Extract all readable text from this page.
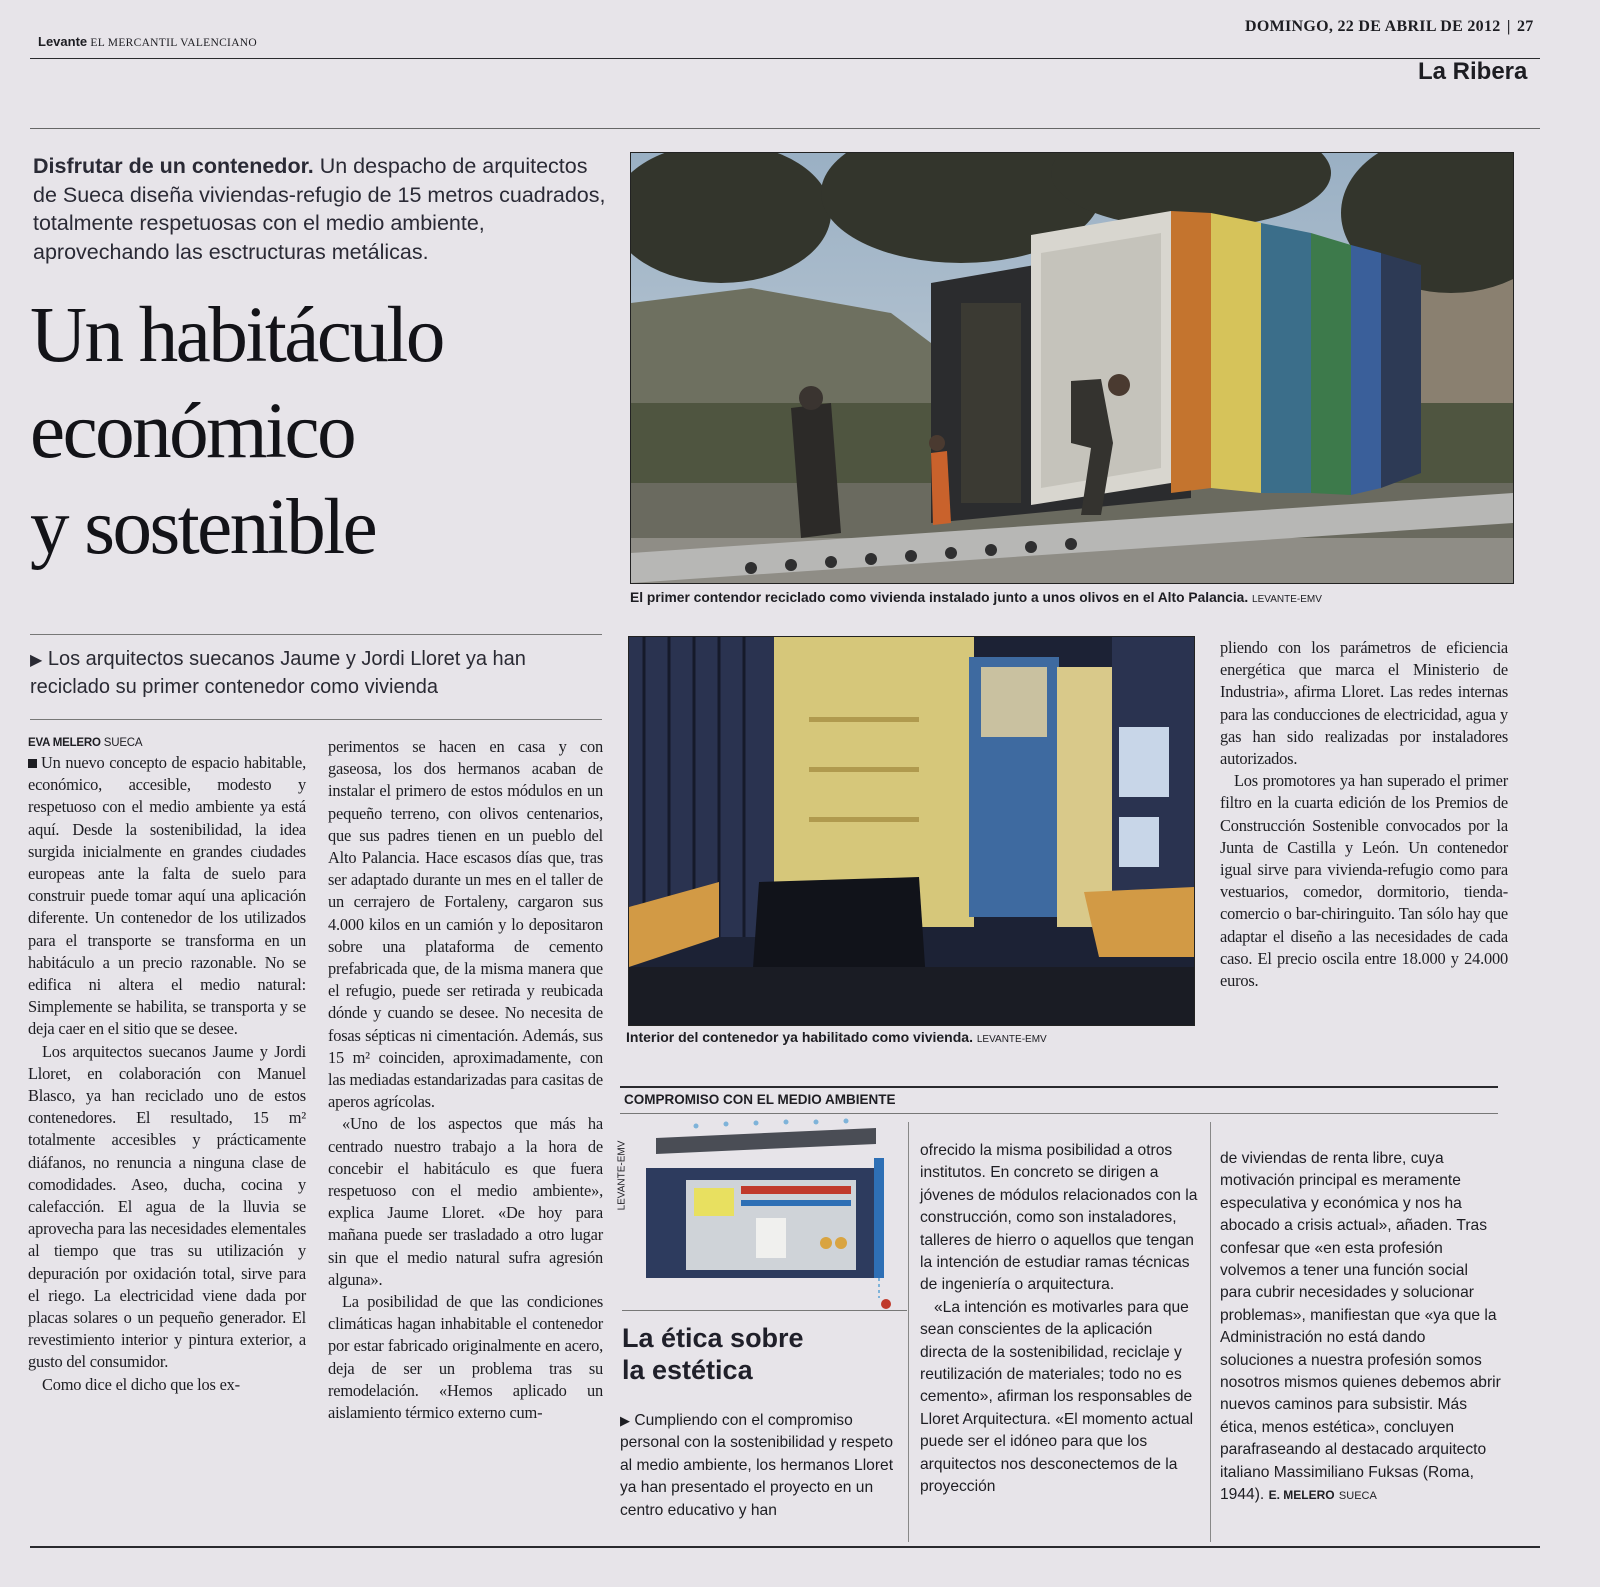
Levante EL MERCANTIL VALENCIANO
DOMINGO, 22 DE ABRIL DE 2012 | 27
La Ribera
Disfrutar de un contenedor. Un despacho de arquitectos de Sueca diseña viviendas-refugio de 15 metros cuadrados, totalmente respetuosas con el medio ambiente, aprovechando las esctructuras metálicas.
Un habitáculo
económico
y sostenible
▶ Los arquitectos suecanos Jaume y Jordi Lloret ya han reciclado su primer contenedor como vivienda
EVA MELERO SUECA

Un nuevo concepto de espacio habitable, económico, accesible, modesto y respetuoso con el medio ambiente ya está aquí. Desde la sostenibilidad, la idea surgida inicialmente en grandes ciudades europeas ante la falta de suelo para construir puede tomar aquí una aplicación diferente. Un contenedor de los utilizados para el transporte se transforma en un habitáculo a un precio razonable. No se edifica ni altera el medio natural: Simplemente se habilita, se transporta y se deja caer en el sitio que se desee.

Los arquitectos suecanos Jaume y Jordi Lloret, en colaboración con Manuel Blasco, ya han reciclado uno de estos contenedores. El resultado, 15 m² totalmente accesibles y prácticamente diáfanos, no renuncia a ninguna clase de comodidades. Aseo, ducha, cocina y calefacción. El agua de la lluvia se aprovecha para las necesidades elementales al tiempo que tras su utilización y depuración por oxidación total, sirve para el riego. La electricidad viene dada por placas solares o un pequeño generador. El revestimiento interior y pintura exterior, a gusto del consumidor.

Como dice el dicho que los ex-

perimentos se hacen en casa y con gaseosa, los dos hermanos acaban de instalar el primero de estos módulos en un pequeño terreno, con olivos centenarios, que sus padres tienen en un pueblo del Alto Palancia. Hace escasos días que, tras ser adaptado durante un mes en el taller de un cerrajero de Fortaleny, cargaron sus 4.000 kilos en un camión y lo depositaron sobre una plataforma de cemento prefabricada que, de la misma manera que el refugio, puede ser retirada y reubicada dónde y cuando se desee. No necesita de fosas sépticas ni cimentación. Además, sus 15 m² coinciden, aproximadamente, con las mediadas estandarizadas para casitas de aperos agrícolas.

«Uno de los aspectos que más ha centrado nuestro trabajo a la hora de concebir el habitáculo es que fuera respetuoso con el medio ambiente», explica Jaume Lloret. «De hoy para mañana puede ser trasladado a otro lugar sin que el medio natural sufra agresión alguna».

La posibilidad de que las condiciones climáticas hagan inhabitable el contenedor por estar fabricado originalmente en acero, deja de ser un problema tras su remodelación. «Hemos aplicado un aislamiento térmico externo cum-

pliendo con los parámetros de eficiencia energética que marca el Ministerio de Industria», afirma Lloret. Las redes internas para las conducciones de electricidad, agua y gas han sido realizadas por instaladores autorizados.

Los promotores ya han superado el primer filtro en la cuarta edición de los Premios de Construcción Sostenible convocados por la Junta de Castilla y León. Un contenedor igual sirve para vivienda-refugio como para vestuarios, comedor, dormitorio, tienda-comercio o bar-chiringuito. Tan sólo hay que adaptar el diseño a las necesidades de cada caso. El precio oscila entre 18.000 y 24.000 euros.

El primer contendor reciclado como vivienda instalado junto a unos olivos en el Alto Palancia. LEVANTE-EMV
Interior del contenedor ya habilitado como vivienda. LEVANTE-EMV
COMPROMISO CON EL MEDIO AMBIENTE
LEVANTE-EMV
La ética sobre
la estética

▶ Cumpliendo con el compromiso personal con la sostenibilidad y respeto al medio ambiente, los hermanos Lloret ya han presentado el proyecto en un centro educativo y han

ofrecido la misma posibilidad a otros institutos. En concreto se dirigen a jóvenes de módulos relacionados con la construcción, como son instaladores, talleres de hierro o aquellos que tengan la intención de estudiar ramas técnicas de ingeniería o arquitectura.

«La intención es motivarles para que sean conscientes de la aplicación directa de la sostenibilidad, reciclaje y reutilización de materiales; todo no es cemento», afirman los responsables de Lloret Arquitectura. «El momento actual puede ser el idóneo para que los arquitectos nos desconectemos de la proyección

de viviendas de renta libre, cuya motivación principal es meramente especulativa y económica y nos ha abocado a crisis actual», añaden. Tras confesar que «en esta profesión volvemos a tener una función social para cubrir necesidades y solucionar problemas», manifiestan que «ya que la Administración no está dando soluciones a nuestra profesión somos nosotros mismos quienes debemos abrir nuevos caminos para subsistir. Más ética, menos estética», concluyen parafraseando al destacado arquitecto italiano Massimiliano Fuksas (Roma, 1944). E. MELERO SUECA
